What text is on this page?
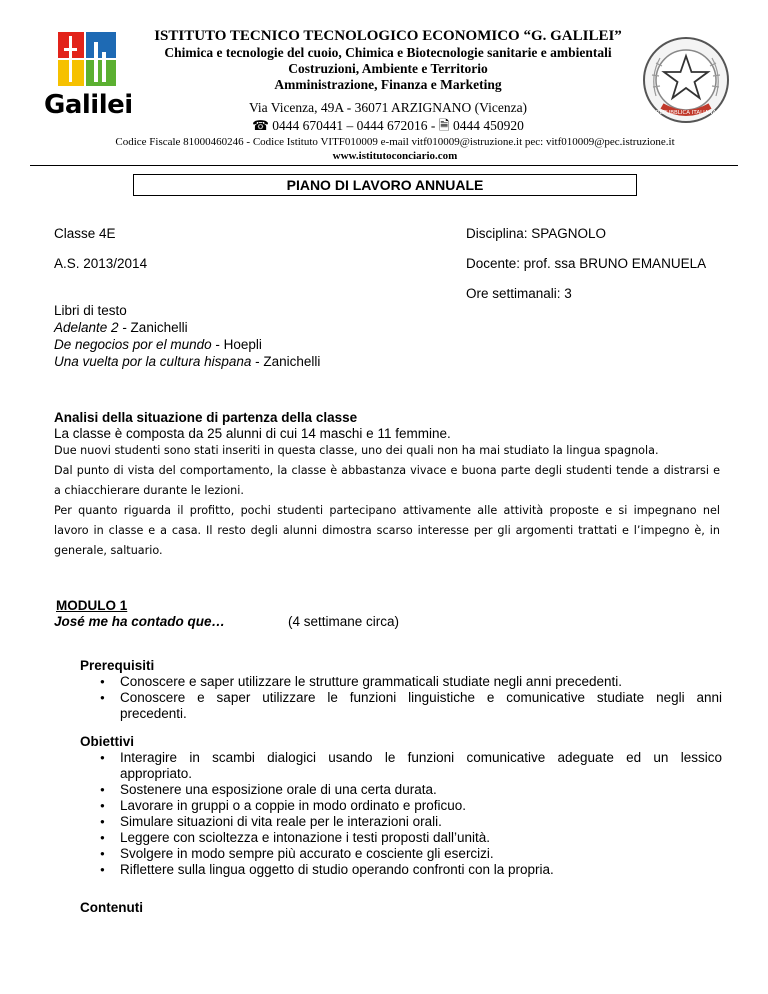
Galilei
ISTITUTO TECNICO TECNOLOGICO ECONOMICO “G. GALILEI”
Chimica e tecnologie del cuoio, Chimica e Biotecnologie sanitarie e ambientali
Costruzioni, Ambiente e Territorio
Amministrazione, Finanza e Marketing
Via Vicenza, 49A - 36071 ARZIGNANO (Vicenza)
☎ 0444 670441 – 0444 672016 - 🗎 0444 450920
REPUBBLICA ITALIANA
Codice Fiscale 81000460246 - Codice Istituto VITF010009 e-mail vitf010009@istruzione.it pec: vitf010009@pec.istruzione.it
www.istitutoconciario.com
PIANO DI LAVORO ANNUALE
Classe 4E
A.S. 2013/2014
Disciplina: SPAGNOLO
Docente: prof. ssa BRUNO EMANUELA
Ore settimanali: 3
Libri di testo
Adelante 2 - Zanichelli
De negocios por el mundo - Hoepli
Una vuelta por la cultura hispana - Zanichelli
Analisi della situazione di partenza della classe
La classe è composta da 25 alunni di cui 14 maschi e 11 femmine.
Due nuovi studenti sono stati inseriti in questa classe, uno dei quali non ha mai studiato la lingua spagnola.
Dal punto di vista del comportamento, la classe è abbastanza vivace e buona parte degli studenti tende a distrarsi e
a chiacchierare durante le lezioni.
Per quanto riguarda il profitto, pochi studenti partecipano attivamente alle attività proposte e si impegnano nel
lavoro in classe e a casa. Il resto degli alunni dimostra scarso interesse per gli argomenti trattati e l’impegno è, in
generale, saltuario.
MODULO 1
José me ha contado que…	(4 settimane circa)
Prerequisiti
● Conoscere e saper utilizzare le strutture grammaticali studiate negli anni precedenti.
● Conoscere e saper utilizzare le funzioni linguistiche e comunicative studiate negli anni
precedenti.
Obiettivi
● Interagire in scambi dialogici usando le funzioni comunicative adeguate ed un lessico
appropriato.
● Sostenere una esposizione orale di una certa durata.
● Lavorare in gruppi o a coppie in modo ordinato e proficuo.
● Simulare situazioni di vita reale per le interazioni orali.
● Leggere con scioltezza e intonazione i testi proposti dall’unità.
● Svolgere in modo sempre più accurato e cosciente gli esercizi.
● Riflettere sulla lingua oggetto di studio operando confronti con la propria.
Contenuti
